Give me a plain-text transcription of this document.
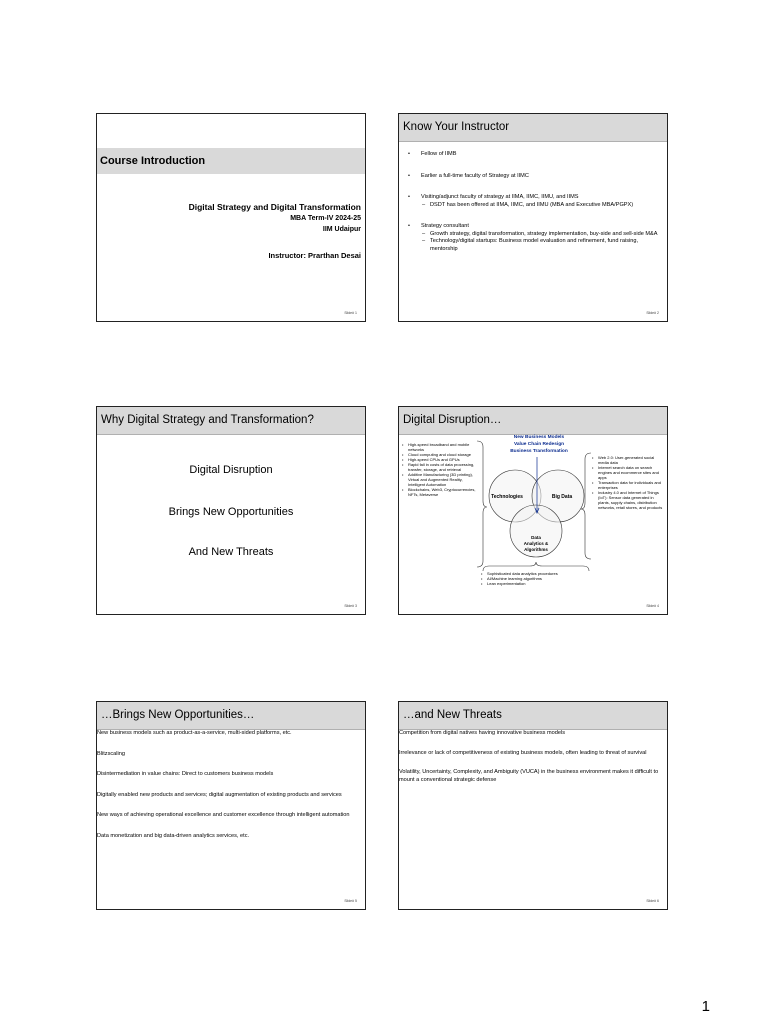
Course Introduction
Digital Strategy and Digital Transformation
MBA Term-IV 2024-25
IIM Udaipur
Instructor: Prarthan Desai
Slide# 1
Know Your Instructor
• Fellow of IIMB
• Earlier a full-time faculty of Strategy at IIMC
• Visiting/adjunct faculty of strategy at IIMA, IIMC, IIMU, and IIMS
– DSDT has been offered at IIMA, IIMC, and IIMU (MBA and Executive MBA/PGPX)
• Strategy consultant
– Growth strategy, digital transformation, strategy implementation, buy-side and sell-side M&A
– Technology/digital startups: Business model evaluation and refinement, fund raising, mentorship
Slide# 2
Why Digital Strategy and Transformation?
Digital Disruption
Brings New Opportunities
And New Threats
Slide# 3
Digital Disruption…
• High-speed broadband and mobile networks
• Cloud computing and cloud storage
• High-speed CPUs and GPUs
• Rapid fall in costs of data processing, transfer, storage, and retrieval
• Additive Manufacturing (3D printing), Virtual and Augmented Reality, Intelligent Automation
• Blockchains, Web3, Cryptocurrencies, NFTs, Metaverse
• Web 2.0: User-generated social media data
• Internet search data on search engines and ecommerce sites and apps
• Transaction data for individuals and enterprises
• Industry 4.0 and Internet of Things (IoT): Sensor data generated in plants, supply chains, distribution networks, retail stores, and products
• Sophisticated data analytics procedures
• AI/Machine learning algorithms
• Lean experimentation
New Business Models
Value Chain Redesign
Business Transformation
Technologies	Big Data
Data
Analytics &
Algorithms
Slide# 4
…Brings New Opportunities…
• New business models such as product-as-a-service, multi-sided platforms, etc.
• Blitzscaling
• Disintermediation in value chains: Direct to customers business models
• Digitally enabled new products and services; digital augmentation of existing products and services
• New ways of achieving operational excellence and customer excellence through intelligent automation
• Data monetization and big data-driven analytics services, etc.
Slide# 5
…and New Threats
• Competition from digital natives having innovative business models
• Irrelevance or lack of competitiveness of existing business models, often leading to threat of survival
• Volatility, Uncertainty, Complexity, and Ambiguity (VUCA) in the business environment makes it difficult to mount a conventional strategic defense
Slide# 6
1
